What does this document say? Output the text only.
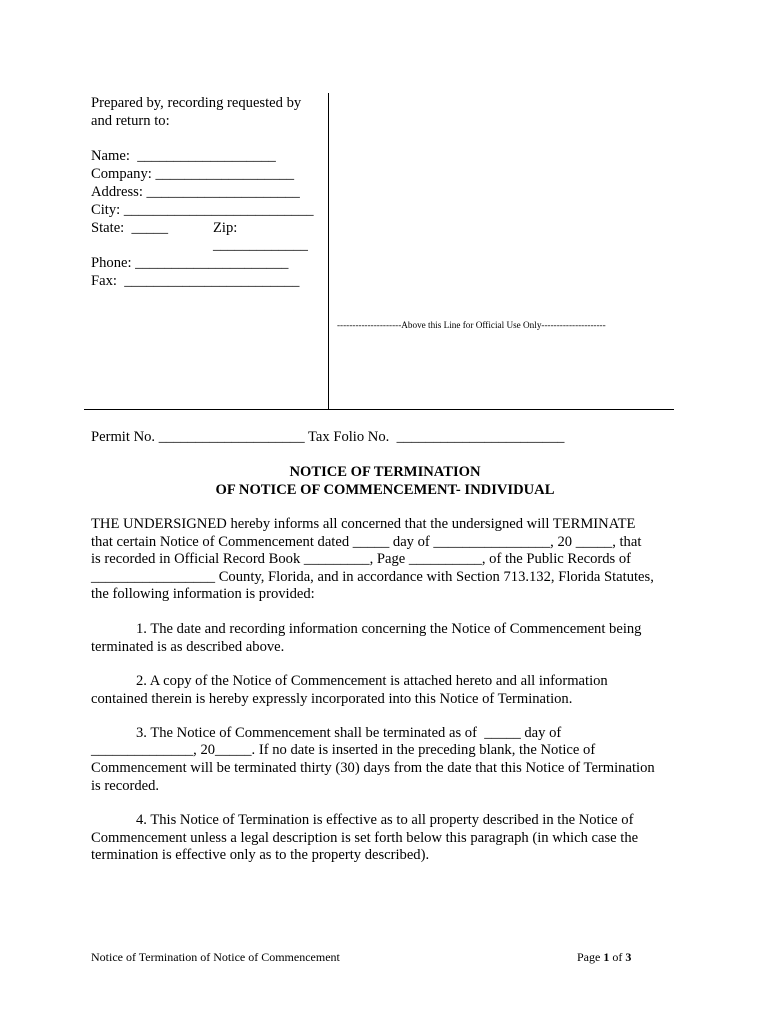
Prepared by, recording requested by
and return to:
Name:  ___________________
Company: ___________________
Address: _____________________
City: __________________________
State:  _____	Zip:
_____________
Phone: _____________________
Fax:  ________________________
---------------------Above this Line for Official Use Only---------------------
Permit No. ____________________ Tax Folio No.  _______________________
NOTICE OF TERMINATION
OF NOTICE OF COMMENCEMENT- INDIVIDUAL
THE UNDERSIGNED hereby informs all concerned that the undersigned will TERMINATE
that certain Notice of Commencement dated _____ day of ________________, 20 _____, that
is recorded in Official Record Book _________, Page __________, of the Public Records of
_________________ County, Florida, and in accordance with Section 713.132, Florida Statutes,
the following information is provided:
1. The date and recording information concerning the Notice of Commencement being
terminated is as described above.
2. A copy of the Notice of Commencement is attached hereto and all information
contained therein is hereby expressly incorporated into this Notice of Termination.
3. The Notice of Commencement shall be terminated as of  _____ day of
______________, 20_____. If no date is inserted in the preceding blank, the Notice of
Commencement will be terminated thirty (30) days from the date that this Notice of Termination
is recorded.
4. This Notice of Termination is effective as to all property described in the Notice of
Commencement unless a legal description is set forth below this paragraph (in which case the
termination is effective only as to the property described).
Notice of Termination of Notice of Commencement	Page 1 of 3
